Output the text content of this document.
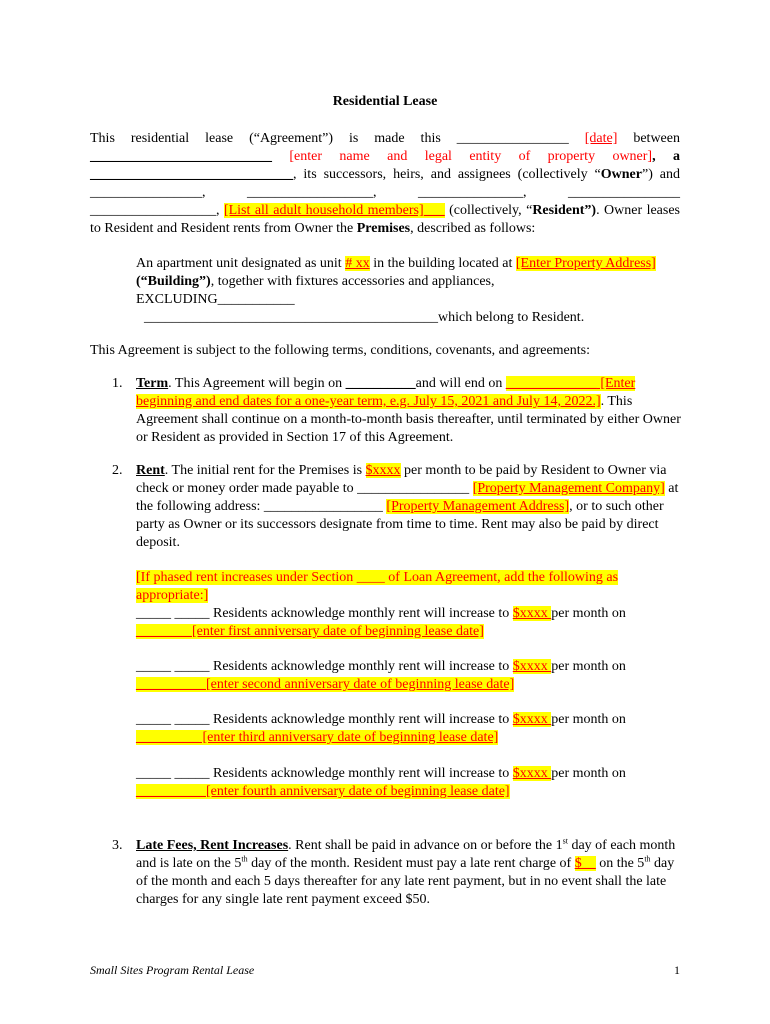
Residential Lease
This residential lease (“Agreement”) is made this ________________ [date] between __________________________ [enter name and legal entity of property owner], a _____________________________, its successors, heirs, and assignees (collectively “Owner”) and ________________, __________________, _______________, ________________ __________________, [List all adult household members]___ (collectively, “Resident”). Owner leases to Resident and Resident rents from Owner the Premises, described as follows:
An apartment unit designated as unit # xx in the building located at [Enter Property Address] (“Building”), together with fixtures accessories and appliances, EXCLUDING___________
__________________________________________which belong to Resident.
This Agreement is subject to the following terms, conditions, covenants, and agreements:
1. Term. This Agreement will begin on __________and will end on _____________ [Enter beginning and end dates for a one-year term, e.g. July 15, 2021 and July 14, 2022.]. This Agreement shall continue on a month-to-month basis thereafter, until terminated by either Owner or Resident as provided in Section 17 of this Agreement.
2. Rent. The initial rent for the Premises is $xxxx per month to be paid by Resident to Owner via check or money order made payable to ________________ [Property Management Company] at the following address: _________________ [Property Management Address], or to such other party as Owner or its successors designate from time to time. Rent may also be paid by direct deposit.
[If phased rent increases under Section ____ of Loan Agreement, add the following as appropriate:]
_____ _____ Residents acknowledge monthly rent will increase to $xxxx per month on
________[enter first anniversary date of beginning lease date]
_____ _____ Residents acknowledge monthly rent will increase to $xxxx per month on
__________[enter second anniversary date of beginning lease date]
_____ _____ Residents acknowledge monthly rent will increase to $xxxx per month on
_________ [enter third anniversary date of beginning lease date]
_____ _____ Residents acknowledge monthly rent will increase to $xxxx per month on
__________[enter fourth anniversary date of beginning lease date]
3. Late Fees, Rent Increases. Rent shall be paid in advance on or before the 1st day of each month and is late on the 5th day of the month. Resident must pay a late rent charge of $__ on the 5th day of the month and each 5 days thereafter for any late rent payment, but in no event shall the late charges for any single late rent payment exceed $50.
Small Sites Program Rental Lease	1
